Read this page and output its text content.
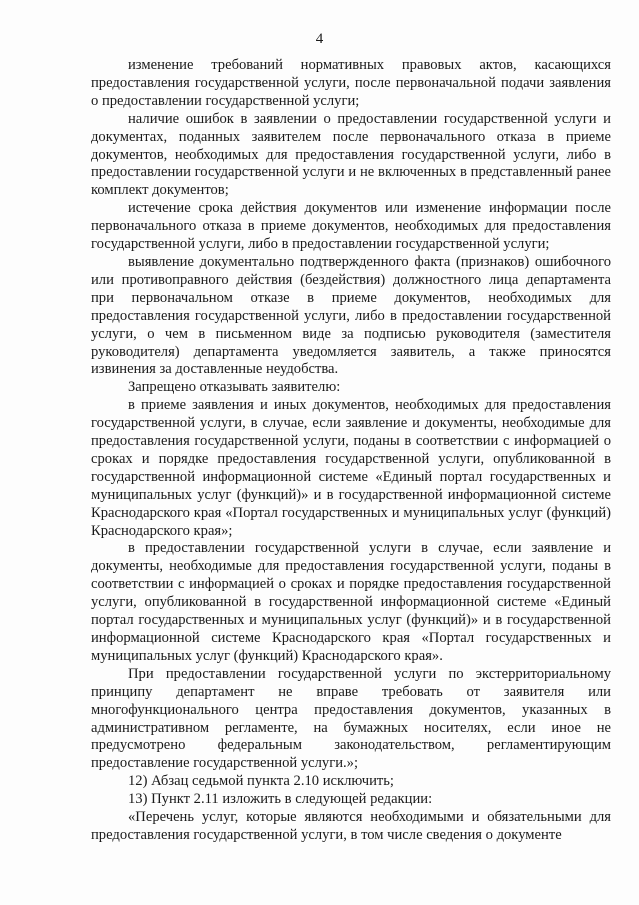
4

изменение требований нормативных правовых актов, касающихся предоставления государственной услуги, после первоначальной подачи заявления о предоставлении государственной услуги;

наличие ошибок в заявлении о предоставлении государственной услуги и документах, поданных заявителем после первоначального отказа в приеме документов, необходимых для предоставления государственной услуги, либо в предоставлении государственной услуги и не включенных в представленный ранее комплект документов;

истечение срока действия документов или изменение информации после первоначального отказа в приеме документов, необходимых для предоставления государственной услуги, либо в предоставлении государственной услуги;

выявление документально подтвержденного факта (признаков) ошибочного или противоправного действия (бездействия) должностного лица департамента при первоначальном отказе в приеме документов, необходимых для предоставления государственной услуги, либо в предоставлении государственной услуги, о чем в письменном виде за подписью руководителя (заместителя руководителя) департамента уведомляется заявитель, а также приносятся извинения за доставленные неудобства.

Запрещено отказывать заявителю:

в приеме заявления и иных документов, необходимых для предоставления государственной услуги, в случае, если заявление и документы, необходимые для предоставления государственной услуги, поданы в соответствии с информацией о сроках и порядке предоставления государственной услуги, опубликованной в государственной информационной системе «Единый портал государственных и муниципальных услуг (функций)» и в государственной информационной системе Краснодарского края «Портал государственных и муниципальных услуг (функций) Краснодарского края»;

в предоставлении государственной услуги в случае, если заявление и документы, необходимые для предоставления государственной услуги, поданы в соответствии с информацией о сроках и порядке предоставления государственной услуги, опубликованной в государственной информационной системе «Единый портал государственных и муниципальных услуг (функций)» и в государственной информационной системе Краснодарского края «Портал государственных и муниципальных услуг (функций) Краснодарского края».

При предоставлении государственной услуги по экстерриториальному принципу департамент не вправе требовать от заявителя или многофункционального центра предоставления документов, указанных в административном регламенте, на бумажных носителях, если иное не предусмотрено федеральным законодательством, регламентирующим предоставление государственной услуги.»;

12) Абзац седьмой пункта 2.10 исключить;

13) Пункт 2.11 изложить в следующей редакции:

«Перечень услуг, которые являются необходимыми и обязательными для предоставления государственной услуги, в том числе сведения о документе
